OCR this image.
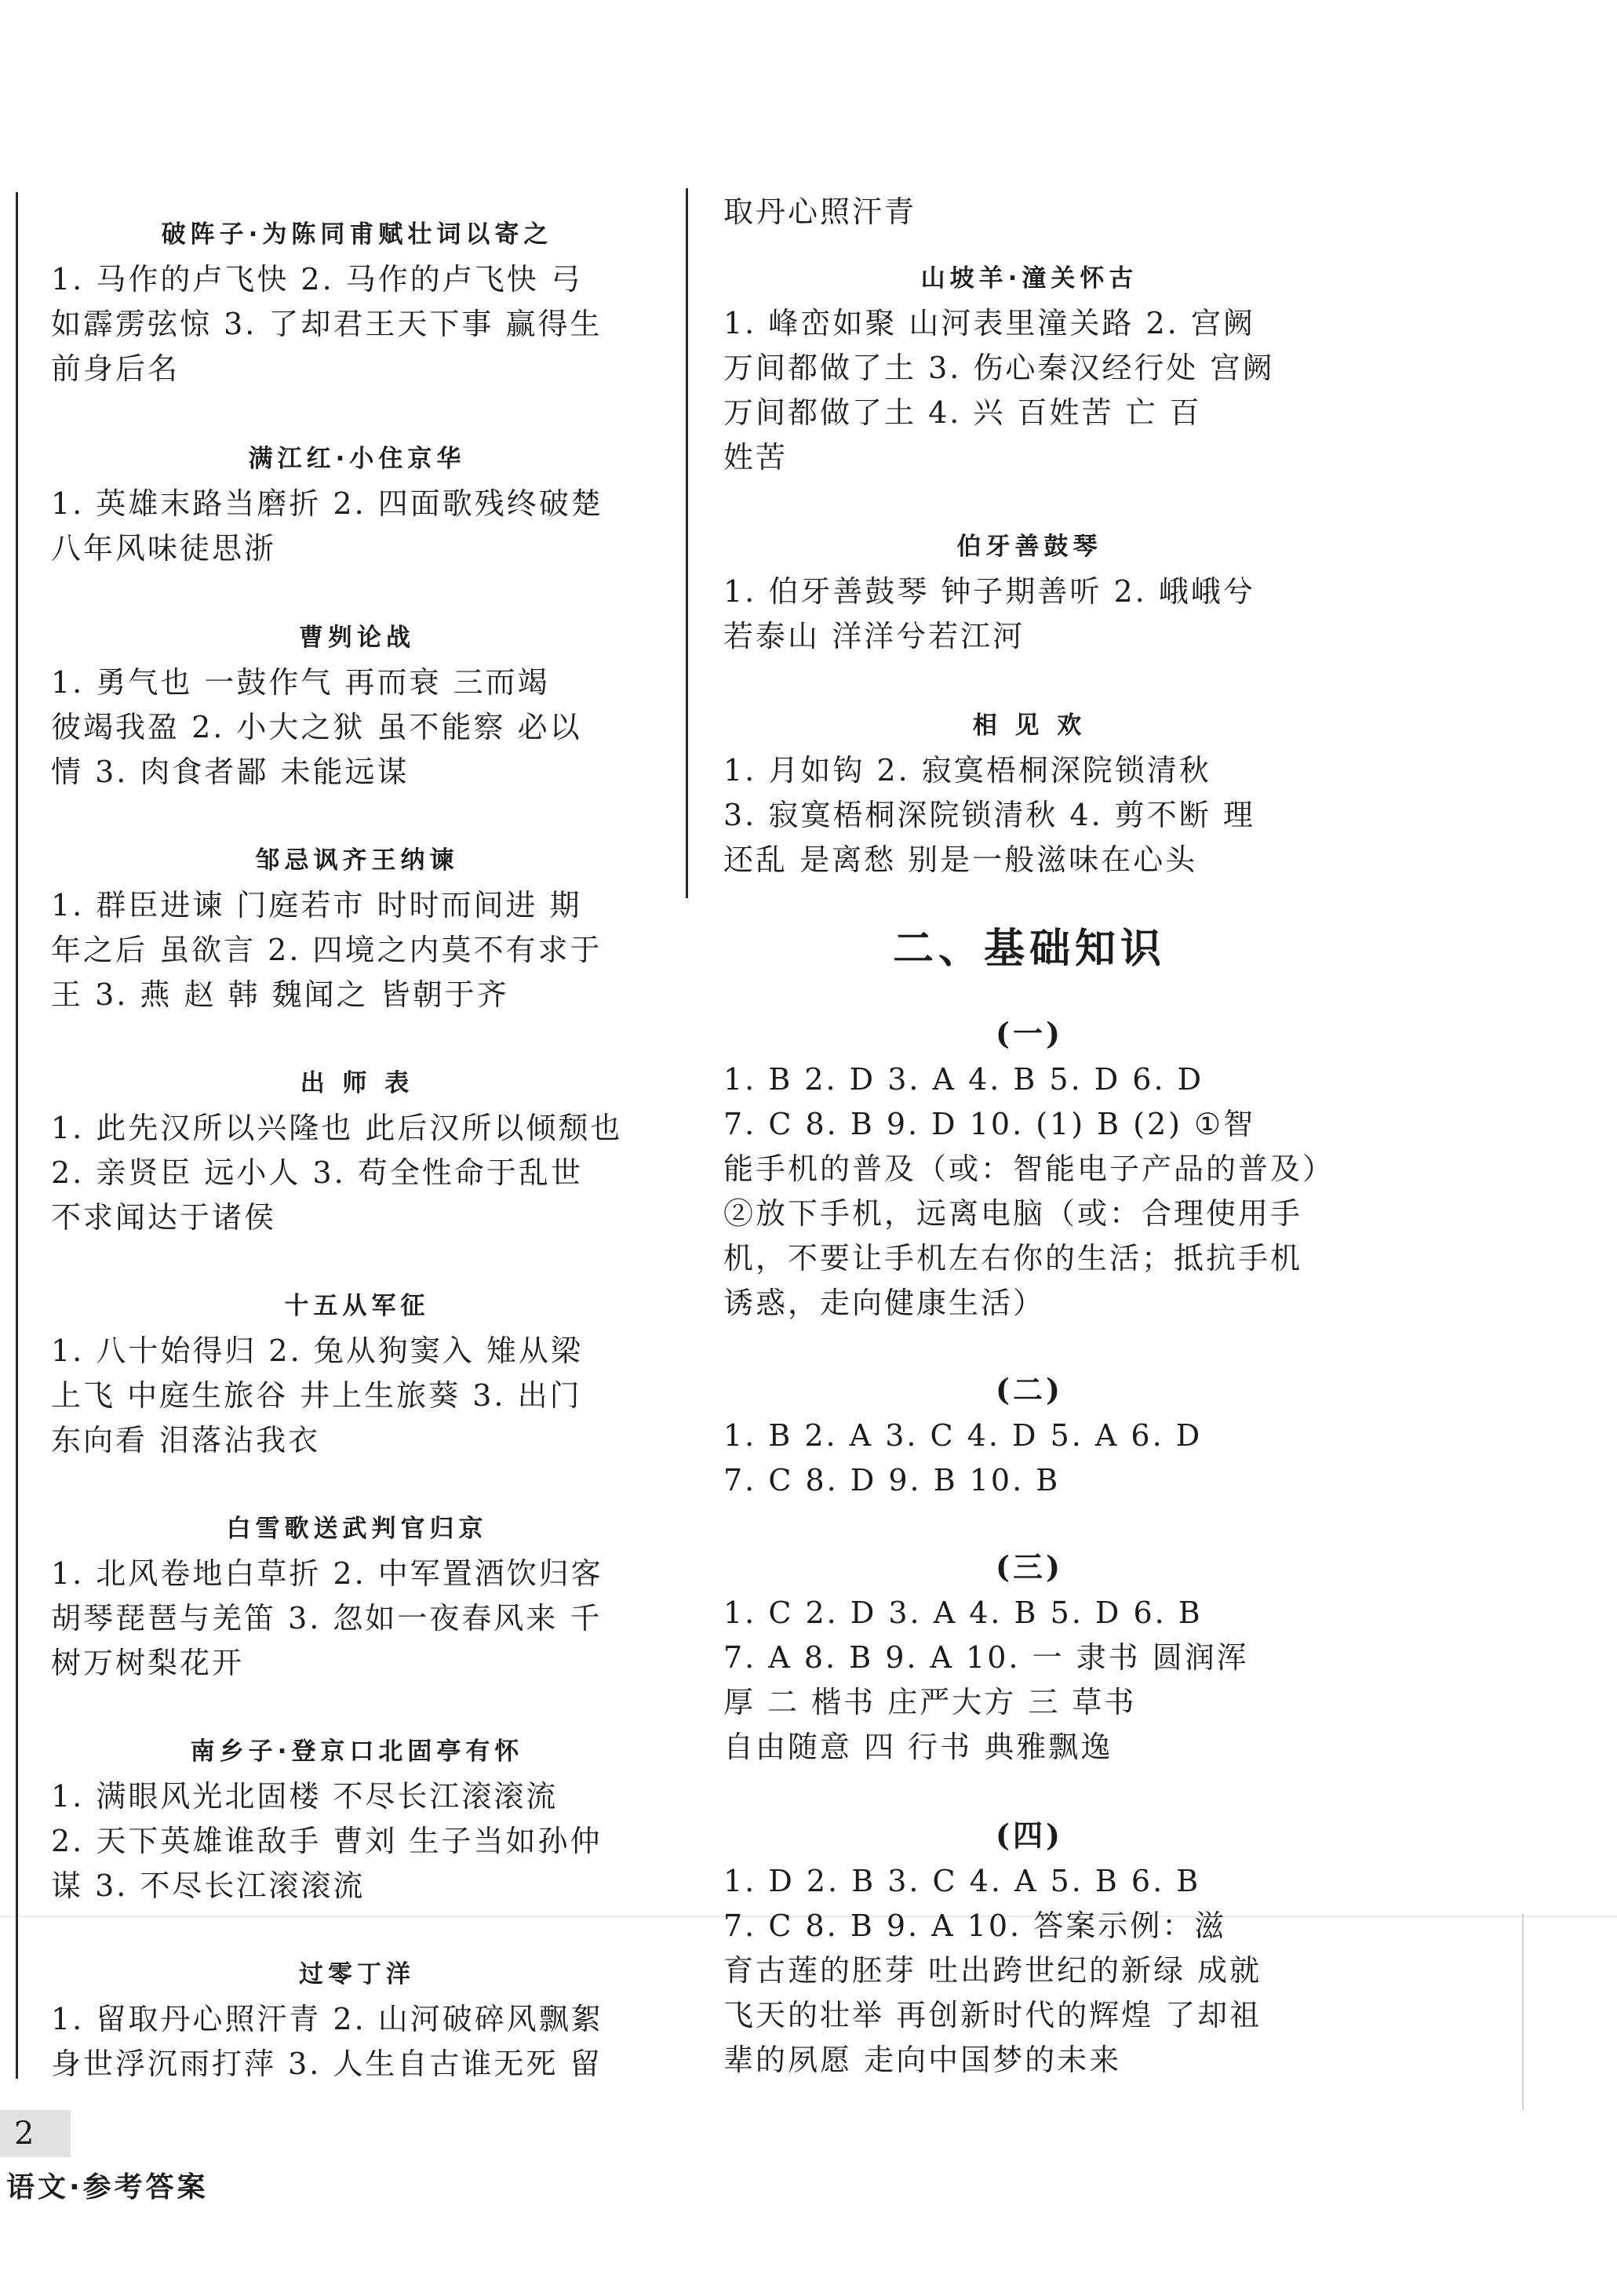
破阵子·为陈同甫赋壮词以寄之
1. 马作的卢飞快 2. 马作的卢飞快 弓
如霹雳弦惊 3. 了却君王天下事 赢得生
前身后名
满江红·小住京华
1. 英雄末路当磨折 2. 四面歌残终破楚
八年风味徒思浙
曹刿论战
1. 勇气也 一鼓作气 再而衰 三而竭
彼竭我盈 2. 小大之狱 虽不能察 必以
情 3. 肉食者鄙 未能远谋
邹忌讽齐王纳谏
1. 群臣进谏 门庭若市 时时而间进 期
年之后 虽欲言 2. 四境之内莫不有求于
王 3. 燕 赵 韩 魏闻之 皆朝于齐
出 师 表
1. 此先汉所以兴隆也 此后汉所以倾颓也
2. 亲贤臣 远小人 3. 苟全性命于乱世
不求闻达于诸侯
十五从军征
1. 八十始得归 2. 兔从狗窦入 雉从梁
上飞 中庭生旅谷 井上生旅葵 3. 出门
东向看 泪落沾我衣
白雪歌送武判官归京
1. 北风卷地白草折 2. 中军置酒饮归客
胡琴琵琶与羌笛 3. 忽如一夜春风来 千
树万树梨花开
南乡子·登京口北固亭有怀
1. 满眼风光北固楼 不尽长江滚滚流
2. 天下英雄谁敌手 曹刘 生子当如孙仲
谋 3. 不尽长江滚滚流
过零丁洋
1. 留取丹心照汗青 2. 山河破碎风飘絮
身世浮沉雨打萍 3. 人生自古谁无死 留
取丹心照汗青
山坡羊·潼关怀古
1. 峰峦如聚 山河表里潼关路 2. 宫阙
万间都做了土 3. 伤心秦汉经行处 宫阙
万间都做了土 4. 兴 百姓苦 亡 百
姓苦
伯牙善鼓琴
1. 伯牙善鼓琴 钟子期善听 2. 峨峨兮
若泰山 洋洋兮若江河
相 见 欢
1. 月如钩 2. 寂寞梧桐深院锁清秋
3. 寂寞梧桐深院锁清秋 4. 剪不断 理
还乱 是离愁 别是一般滋味在心头
二、基础知识
(一)
1. B 2. D 3. A 4. B 5. D 6. D
7. C 8. B 9. D 10. (1) B (2) ①智
能手机的普及（或：智能电子产品的普及）
②放下手机，远离电脑（或：合理使用手
机，不要让手机左右你的生活；抵抗手机
诱惑，走向健康生活）
(二)
1. B 2. A 3. C 4. D 5. A 6. D
7. C 8. D 9. B 10. B
(三)
1. C 2. D 3. A 4. B 5. D 6. B
7. A 8. B 9. A 10. 一 隶书 圆润浑
厚 二 楷书 庄严大方 三 草书
自由随意 四 行书 典雅飘逸
(四)
1. D 2. B 3. C 4. A 5. B 6. B
7. C 8. B 9. A 10. 答案示例：滋
育古莲的胚芽 吐出跨世纪的新绿 成就
飞天的壮举 再创新时代的辉煌 了却祖
辈的夙愿 走向中国梦的未来
2
语文·参考答案
